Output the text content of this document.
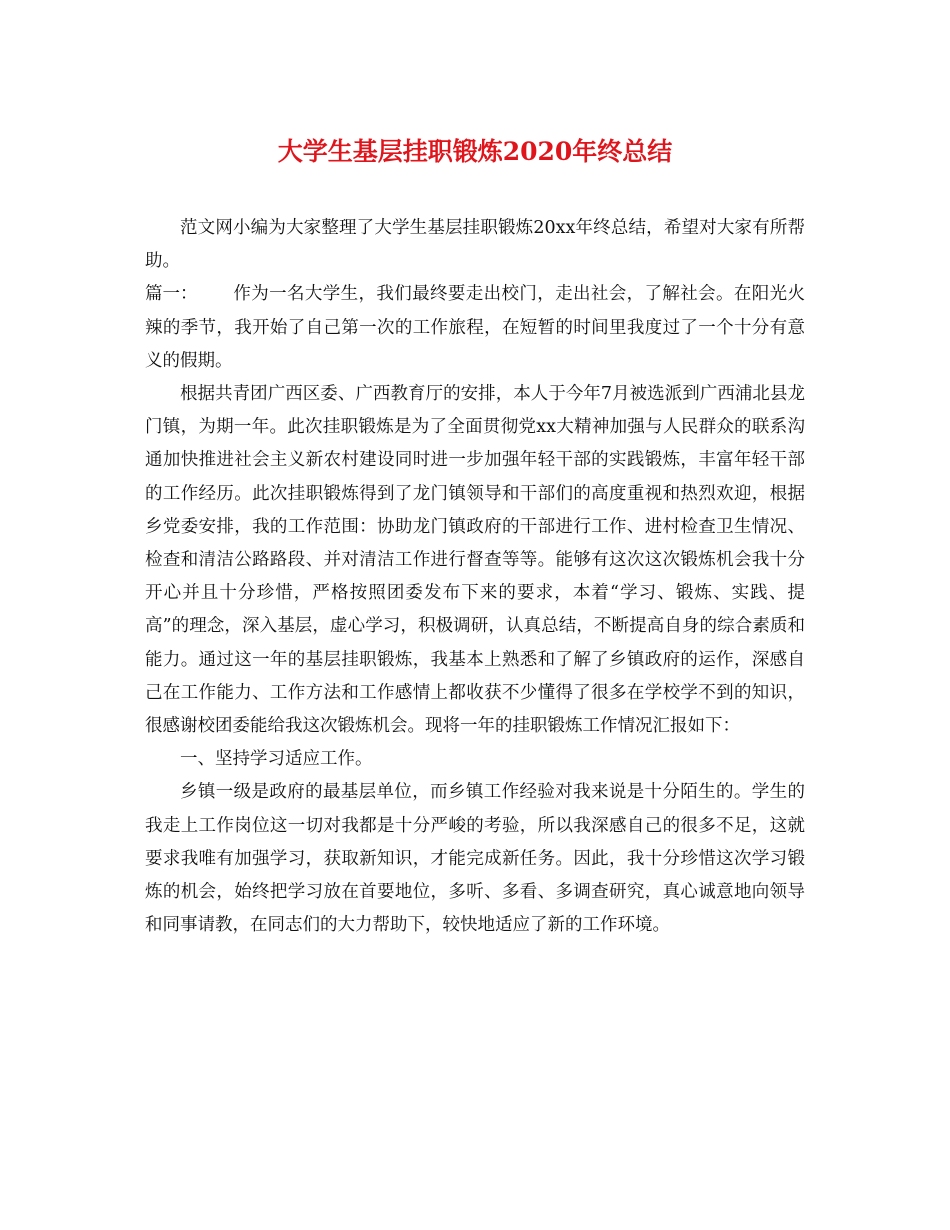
大学生基层挂职锻炼2020年终总结

范文网小编为大家整理了大学生基层挂职锻炼20xx年终总结，希望对大家有所帮助。

篇一： 作为一名大学生，我们最终要走出校门，走出社会，了解社会。在阳光火辣的季节，我开始了自己第一次的工作旅程，在短暂的时间里我度过了一个十分有意义的假期。

根据共青团广西区委、广西教育厅的安排，本人于今年7月被选派到广西浦北县龙门镇，为期一年。此次挂职锻炼是为了全面贯彻党xx大精神加强与人民群众的联系沟通加快推进社会主义新农村建设同时进一步加强年轻干部的实践锻炼，丰富年轻干部的工作经历。此次挂职锻炼得到了龙门镇领导和干部们的高度重视和热烈欢迎，根据乡党委安排，我的工作范围：协助龙门镇政府的干部进行工作、进村检查卫生情况、检查和清洁公路路段、并对清洁工作进行督查等等。能够有这次这次锻炼机会我十分开心并且十分珍惜，严格按照团委发布下来的要求，本着“学习、锻炼、实践、提高”的理念，深入基层，虚心学习，积极调研，认真总结，不断提高自身的综合素质和能力。通过这一年的基层挂职锻炼，我基本上熟悉和了解了乡镇政府的运作，深感自己在工作能力、工作方法和工作感情上都收获不少懂得了很多在学校学不到的知识，很感谢校团委能给我这次锻炼机会。现将一年的挂职锻炼工作情况汇报如下：

一、坚持学习适应工作。

乡镇一级是政府的最基层单位，而乡镇工作经验对我来说是十分陌生的。学生的我走上工作岗位这一切对我都是十分严峻的考验，所以我深感自己的很多不足，这就要求我唯有加强学习，获取新知识，才能完成新任务。因此，我十分珍惜这次学习锻炼的机会，始终把学习放在首要地位，多听、多看、多调查研究，真心诚意地向领导和同事请教，在同志们的大力帮助下，较快地适应了新的工作环境。
